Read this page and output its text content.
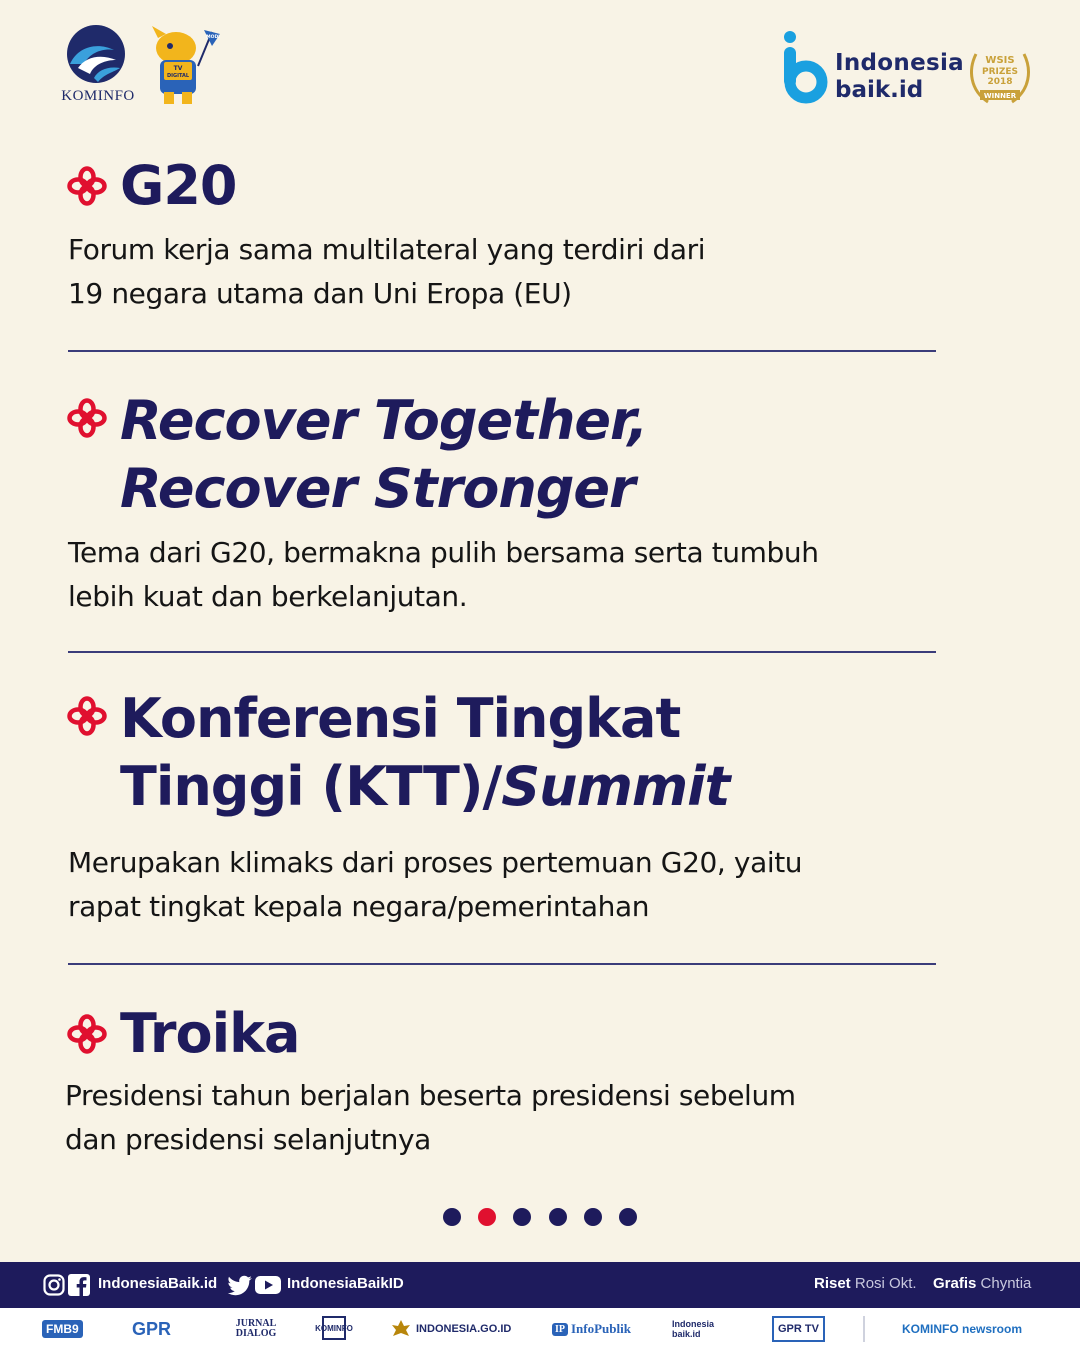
KOMINFO
TV
DIGITAL
MODI
Indonesia
baik.id
WSIS
PRIZES
2018
WINNER
G20
Forum kerja sama multilateral yang terdiri dari
19 negara utama dan Uni Eropa (EU)
Recover Together,
Recover Stronger
Tema dari G20, bermakna pulih bersama serta tumbuh
lebih kuat dan berkelanjutan.
Konferensi Tingkat
Tinggi (KTT)/Summit
Merupakan klimaks dari proses pertemuan G20, yaitu
rapat tingkat kepala negara/pemerintahan
Troika
Presidensi tahun berjalan beserta presidensi sebelum
dan presidensi selanjutnya
IndonesiaBaik.id	IndonesiaBaikID	Riset Rosi Okt. Grafis Chyntia
FMB9	GPR	JURNAL DIALOG	KOMINFO	INDONESIA.GO.ID	IP InfoPublik	Indonesia baik.id	GPR TV	KOMINFO newsroom
